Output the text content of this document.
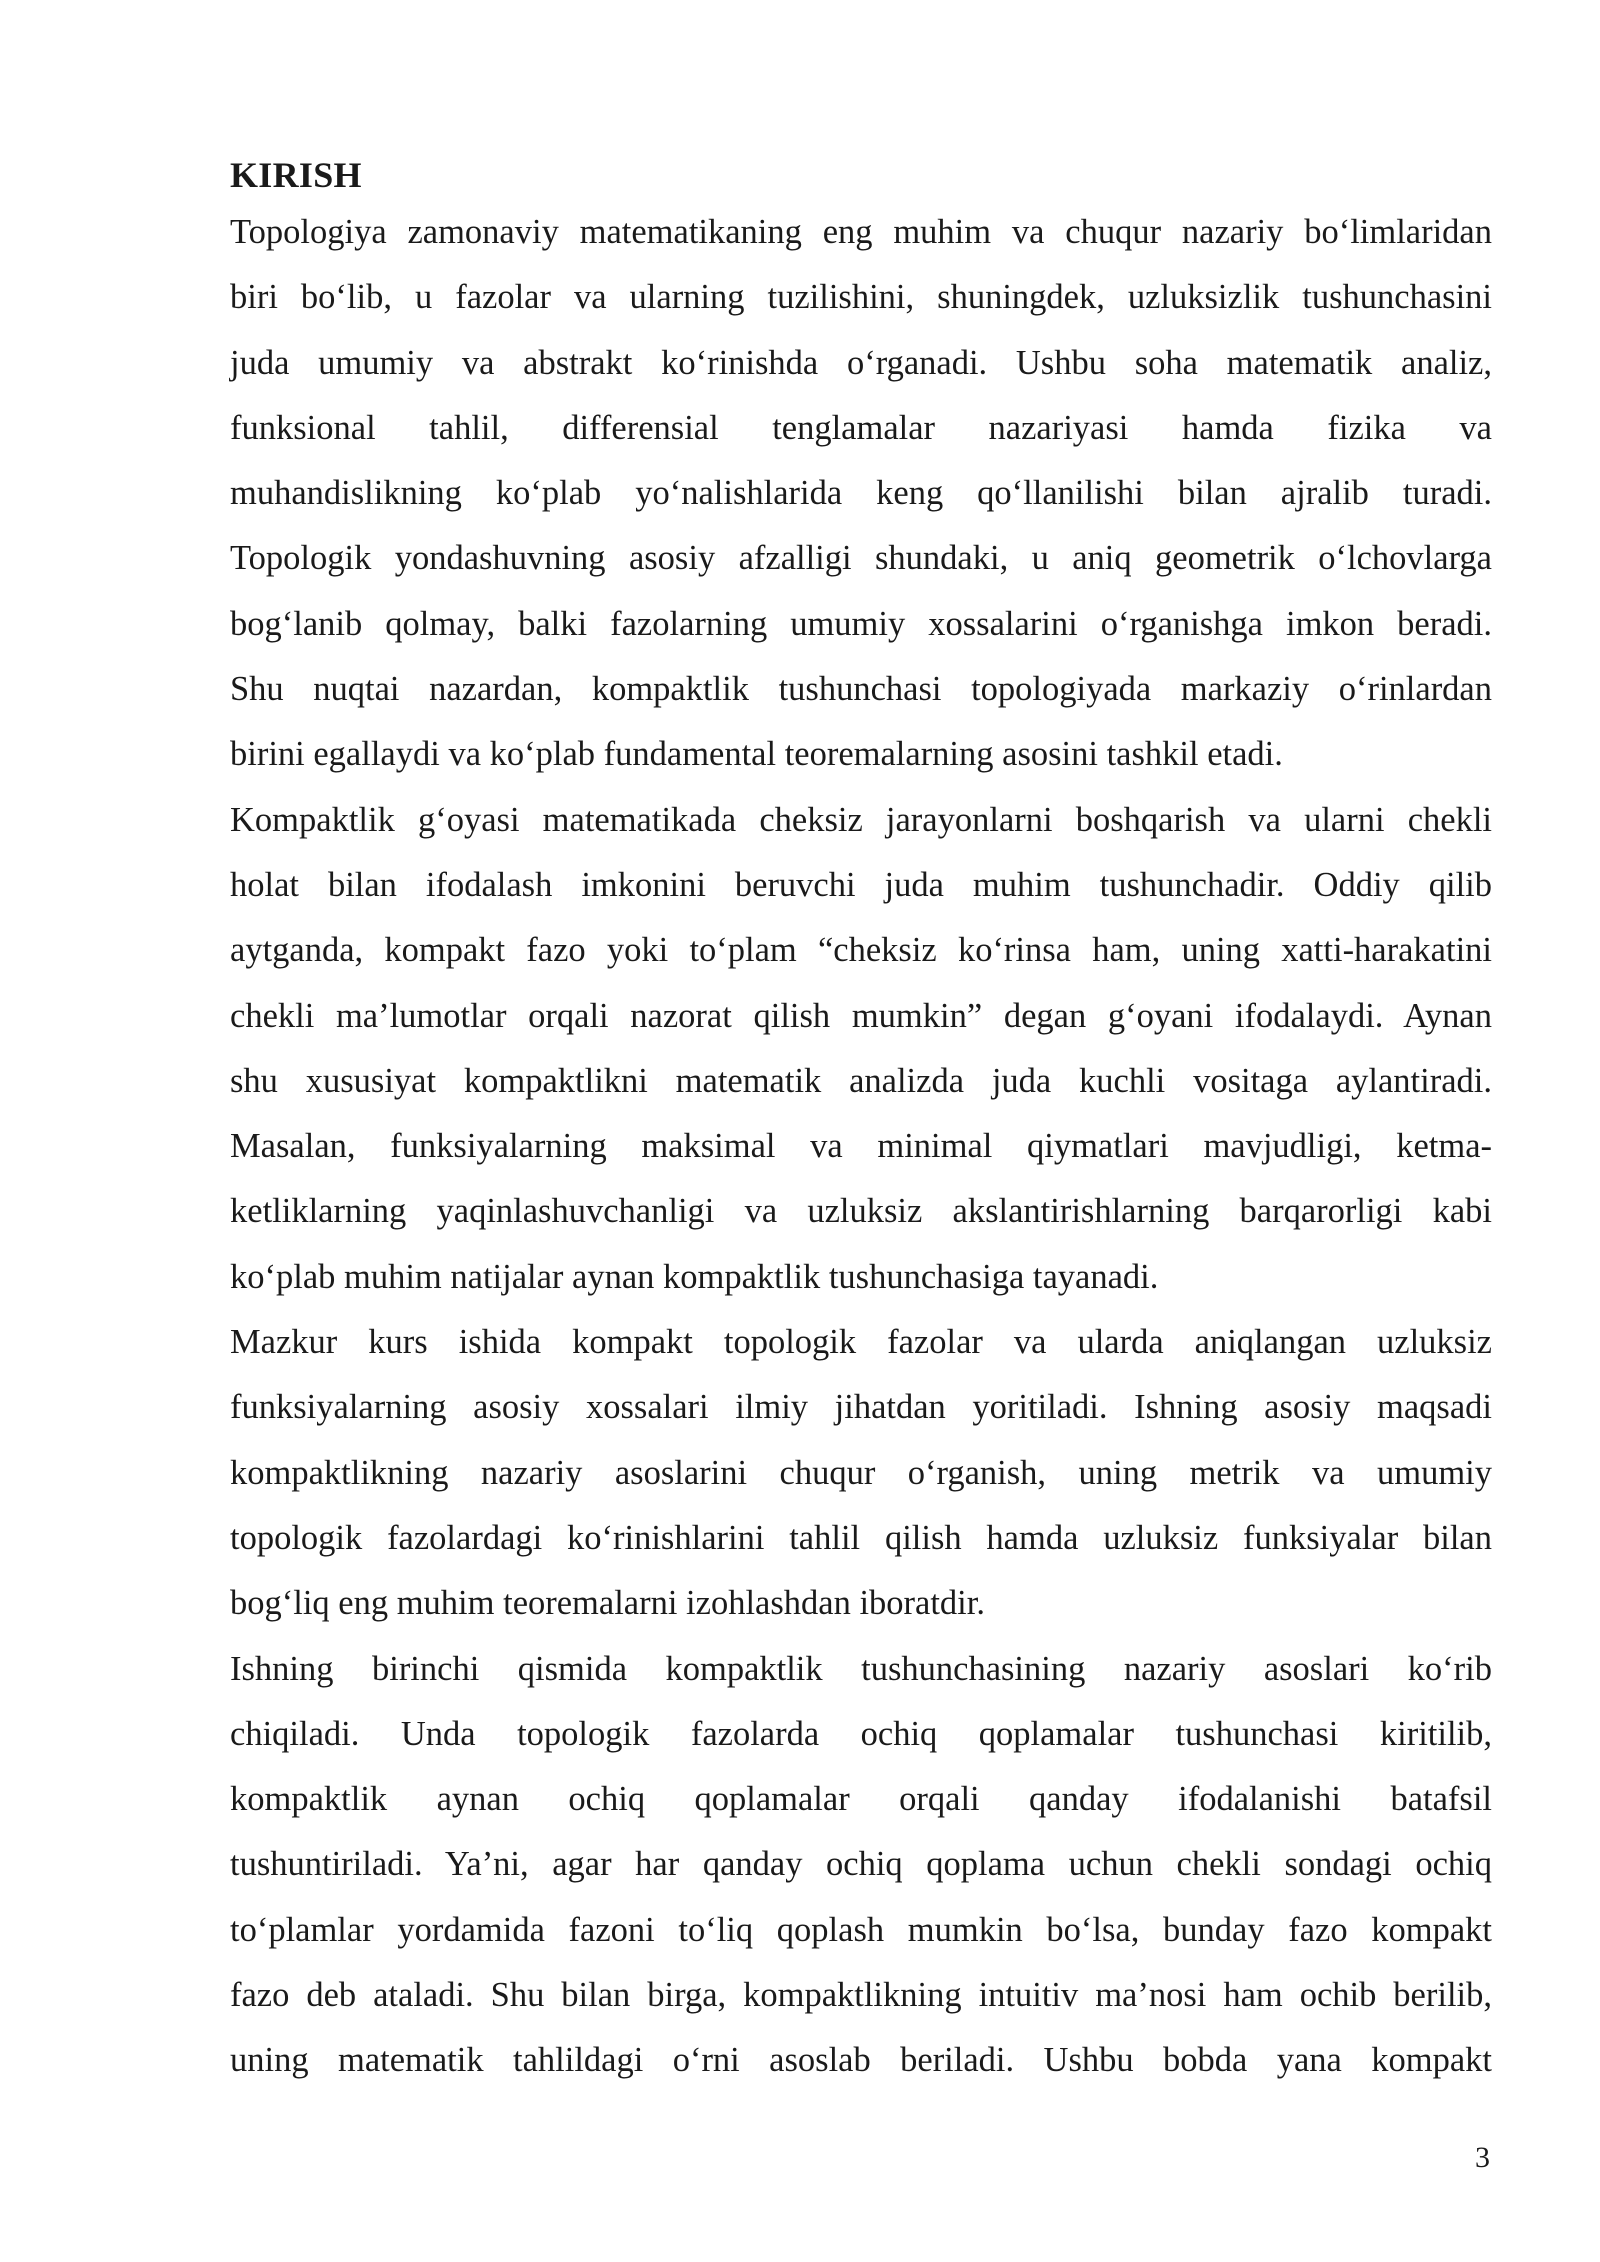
KIRISH

Topologiya zamonaviy matematikaning eng muhim va chuqur nazariy bo‘limlaridan
biri bo‘lib, u fazolar va ularning tuzilishini, shuningdek, uzluksizlik tushunchasini
juda umumiy va abstrakt ko‘rinishda o‘rganadi. Ushbu soha matematik analiz,
funksional tahlil, differensial tenglamalar nazariyasi hamda fizika va
muhandislikning ko‘plab yo‘nalishlarida keng qo‘llanilishi bilan ajralib turadi.
Topologik yondashuvning asosiy afzalligi shundaki, u aniq geometrik o‘lchovlarga
bog‘lanib qolmay, balki fazolarning umumiy xossalarini o‘rganishga imkon beradi.
Shu nuqtai nazardan, kompaktlik tushunchasi topologiyada markaziy o‘rinlardan
birini egallaydi va ko‘plab fundamental teoremalarning asosini tashkil etadi.

Kompaktlik g‘oyasi matematikada cheksiz jarayonlarni boshqarish va ularni chekli
holat bilan ifodalash imkonini beruvchi juda muhim tushunchadir. Oddiy qilib
aytganda, kompakt fazo yoki to‘plam “cheksiz ko‘rinsa ham, uning xatti-harakatini
chekli ma’lumotlar orqali nazorat qilish mumkin” degan g‘oyani ifodalaydi. Aynan
shu xususiyat kompaktlikni matematik analizda juda kuchli vositaga aylantiradi.
Masalan, funksiyalarning maksimal va minimal qiymatlari mavjudligi, ketma-
ketliklarning yaqinlashuvchanligi va uzluksiz akslantirishlarning barqarorligi kabi
ko‘plab muhim natijalar aynan kompaktlik tushunchasiga tayanadi.

Mazkur kurs ishida kompakt topologik fazolar va ularda aniqlangan uzluksiz
funksiyalarning asosiy xossalari ilmiy jihatdan yoritiladi. Ishning asosiy maqsadi
kompaktlikning nazariy asoslarini chuqur o‘rganish, uning metrik va umumiy
topologik fazolardagi ko‘rinishlarini tahlil qilish hamda uzluksiz funksiyalar bilan
bog‘liq eng muhim teoremalarni izohlashdan iboratdir.

Ishning birinchi qismida kompaktlik tushunchasining nazariy asoslari ko‘rib
chiqiladi. Unda topologik fazolarda ochiq qoplamalar tushunchasi kiritilib,
kompaktlik aynan ochiq qoplamalar orqali qanday ifodalanishi batafsil
tushuntiriladi. Ya’ni, agar har qanday ochiq qoplama uchun chekli sondagi ochiq
to‘plamlar yordamida fazoni to‘liq qoplash mumkin bo‘lsa, bunday fazo kompakt
fazo deb ataladi. Shu bilan birga, kompaktlikning intuitiv ma’nosi ham ochib berilib,
uning matematik tahlildagi o‘rni asoslab beriladi. Ushbu bobda yana kompakt

3
